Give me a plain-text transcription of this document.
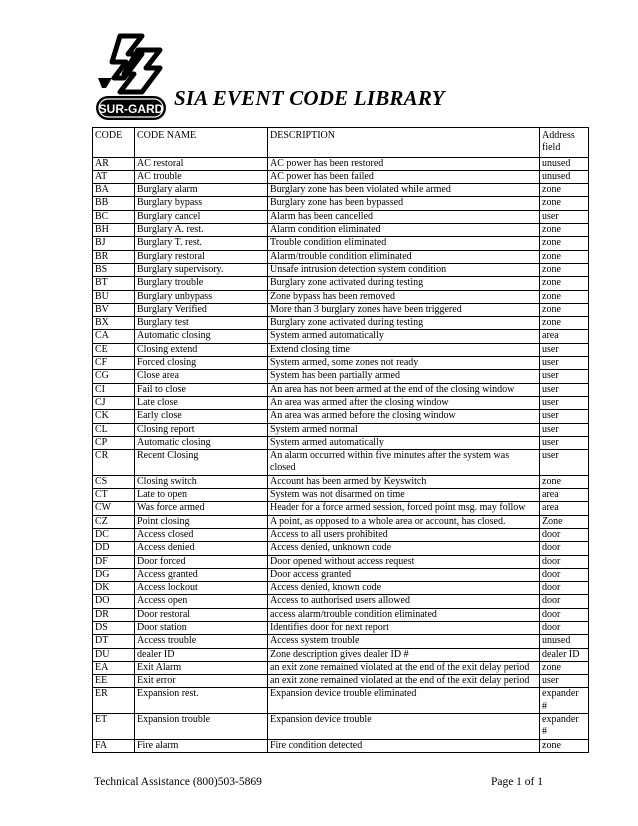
SUR-GARD SIA EVENT CODE LIBRARY
CODE	CODE NAME	DESCRIPTION	Address field
AR	AC restoral	AC power has been restored	unused
AT	AC trouble	AC power has been failed	unused
BA	Burglary alarm	Burglary zone has been violated while armed	zone
BB	Burglary bypass	Burglary zone has been bypassed	zone
BC	Burglary cancel	Alarm has been cancelled	user
BH	Burglary A. rest.	Alarm condition eliminated	zone
BJ	Burglary T. rest.	Trouble condition eliminated	zone
BR	Burglary restoral	Alarm/trouble condition eliminated	zone
BS	Burglary supervisory.	Unsafe intrusion detection system condition	zone
BT	Burglary trouble	Burglary zone activated during testing	zone
BU	Burglary unbypass	Zone bypass has been removed	zone
BV	Burglary Verified	More than 3 burglary zones have been triggered	zone
BX	Burglary test	Burglary zone activated during testing	zone
CA	Automatic closing	System armed automatically	area
CE	Closing extend	Extend closing time	user
CF	Forced closing	System armed, some zones not ready	user
CG	Close area	System has been partially armed	user
CI	Fail to close	An area has not been armed at the end of the closing window	user
CJ	Late close	An area was armed after the closing window	user
CK	Early close	An area was armed before the closing window	user
CL	Closing report	System armed normal	user
CP	Automatic closing	System armed automatically	user
CR	Recent Closing	An alarm occurred within five minutes after the system was closed	user
CS	Closing switch	Account has been armed by Keyswitch	zone
CT	Late to open	System was not disarmed on time	area
CW	Was force armed	Header for a force armed session, forced point msg. may follow	area
CZ	Point closing	A point, as opposed to a whole area or account, has closed.	Zone
DC	Access closed	Access to all users prohibited	door
DD	Access denied	Access denied, unknown code	door
DF	Door forced	Door opened without access request	door
DG	Access granted	Door access granted	door
DK	Access lockout	Access denied, known code	door
DO	Access open	Access to authorised users allowed	door
DR	Door restoral	access alarm/trouble condition eliminated	door
DS	Door station	Identifies door for next report	door
DT	Access trouble	Access system trouble	unused
DU	dealer ID	Zone description gives dealer ID #	dealer ID
EA	Exit Alarm	an exit zone remained violated at the end of the exit delay period	zone
EE	Exit error	an exit zone remained violated at the end of the exit delay period	user
ER	Expansion rest.	Expansion device trouble eliminated	expander #
ET	Expansion trouble	Expansion device trouble	expander #
FA	Fire alarm	Fire condition detected	zone
Technical Assistance (800)503-5869	Page 1 of 1
